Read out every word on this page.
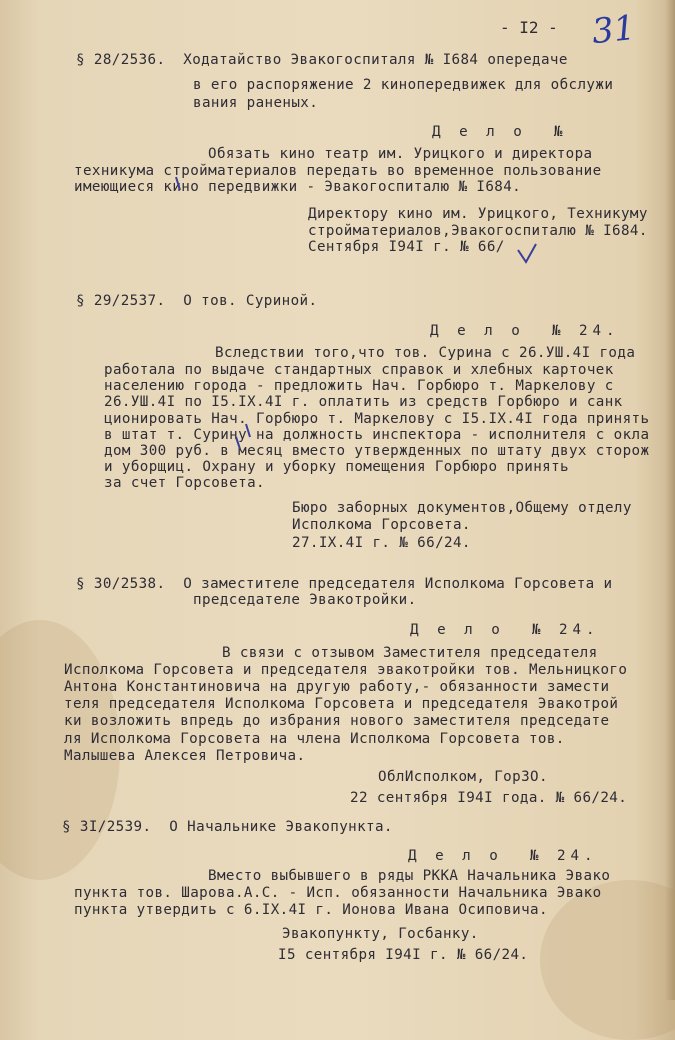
- I2 - 31
§ 28/2536.  Ходатайство Эвакогоспиталя № I684 опередаче
в его распоряжение 2 кинопередвижек для обслужи
вания раненых.
Д е л о  №
Обязать кино театр им. Урицкого и директора
техникума стройматериалов передать во временное пользование
имеющиеся кино передвижки - Эвакогоспиталю № I684.
Директору кино им. Урицкого, Техникуму
стройматериалов,Эвакогоспиталю № I684.
Сентября I94I г. № 66/
§ 29/2537.  О тов. Суриной.
Д е л о  № 24.
Вследствии того,что тов. Сурина с 26.УШ.4I года
работала по выдаче стандартных справок и хлебных карточек
населению города - предложить Нач. Горбюро т. Маркелову с
26.УШ.4I по I5.IX.4I г. оплатить из средств Горбюро и санк
ционировать Нач. Горбюро т. Маркелову с I5.IX.4I года принять
в штат т. Сурину на должность инспектора - исполнителя с окла
дом 300 руб. в месяц вместо утвержденных по штату двух сторож
и уборщиц. Охрану и уборку помещения Горбюро принять
за счет Горсовета.
Бюро заборных документов,Общему отделу
Исполкома Горсовета.
27.IX.4I г. № 66/24.
§ 30/2538.  О заместителе председателя Исполкома Горсовета и
председателе Эвакотройки.
Д е л о  № 24.
В связи с отзывом Заместителя председателя
Исполкома Горсовета и председателя эвакотройки тов. Мельницкого
Антона Константиновича на другую работу,- обязанности замести
теля председателя Исполкома Горсовета и председателя Эвакотрой
ки возложить впредь до избрания нового заместителя председате
ля Исполкома Горсовета на члена Исполкома Горсовета тов.
Малышева Алексея Петровича.
ОблИсполком, ГорЗО.
22 сентября I94I года. № 66/24.
§ 3I/2539.  О Начальнике Эвакопункта.
Д е л о  № 24.
Вместо выбывшего в ряды РККА Начальника Эвако
пункта тов. Шарова.А.С. - Исп. обязанности Начальника Эвако
пункта утвердить с 6.IX.4I г. Ионова Ивана Осиповича.
Эвакопункту, Госбанку.
I5 сентября I94I г. № 66/24.
